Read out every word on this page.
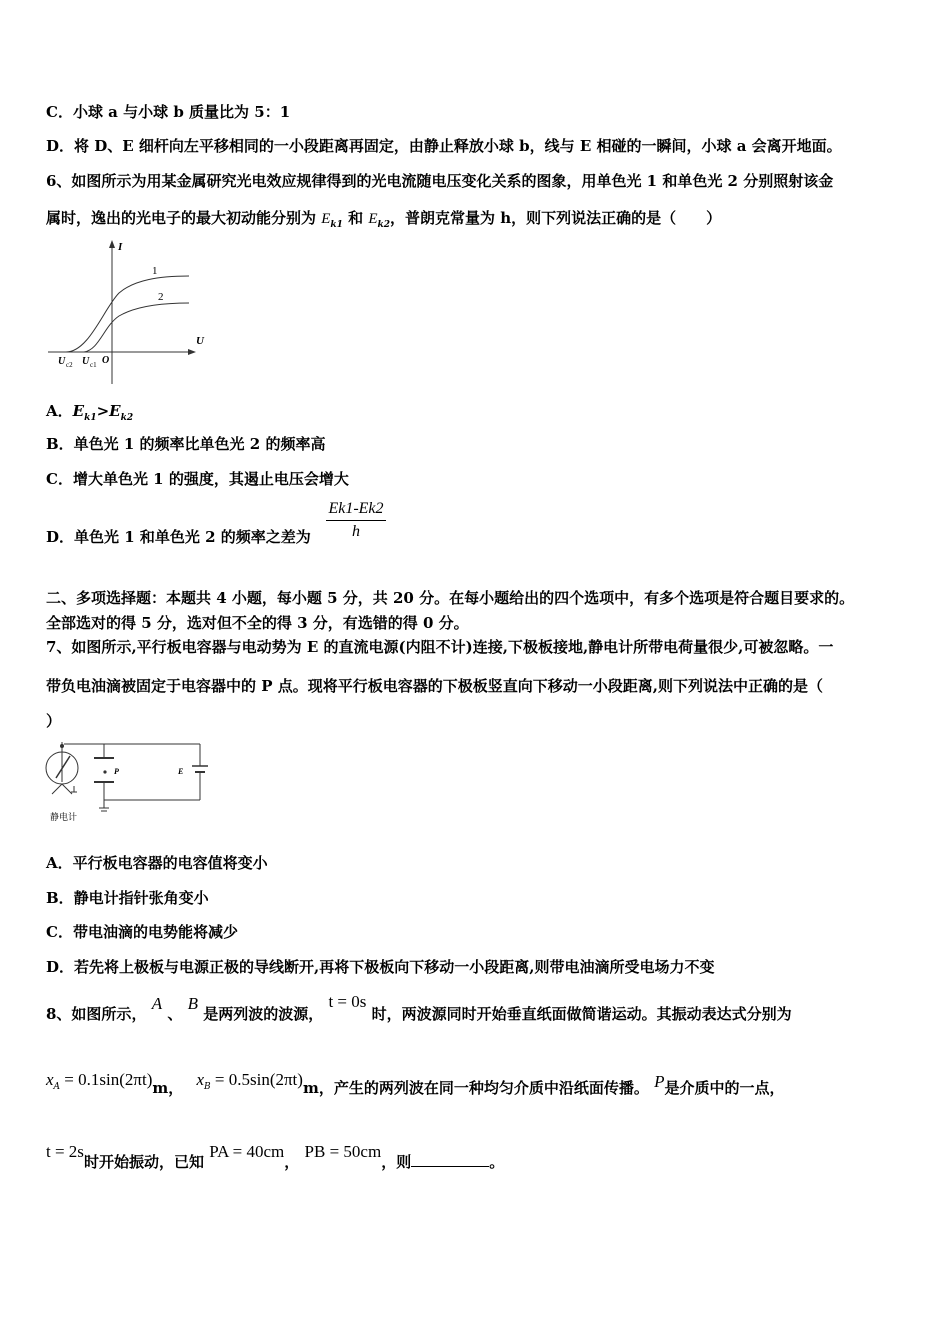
C．小球 a 与小球 b 质量比为 5：1
D．将 D、E 细杆向左平移相同的一小段距离再固定，由静止释放小球 b，线与 E 相碰的一瞬间，小球 a 会离开地面。
6、如图所示为用某金属研究光电效应规律得到的光电流随电压变化关系的图象，用单色光 1 和单色光 2 分别照射该金
属时，逸出的光电子的最大初动能分别为 $E_{k1}$ 和 $E_{k2}$，普朗克常量为 h，则下列说法正确的是（　　）
I
U
1
2
U c2 U c1 O
A．$E_{k1}>E_{k2}$
B．单色光 1 的频率比单色光 2 的频率高
C．增大单色光 1 的强度，其遏止电压会增大
D．单色光 1 和单色光 2 的频率之差为 $\frac{Ek1-Ek2}{h}$
二、多项选择题：本题共 4 小题，每小题 5 分，共 20 分。在每小题给出的四个选项中，有多个选项是符合题目要求的。
全部选对的得 5 分，选对但不全的得 3 分，有选错的得 0 分。
7、如图所示,平行板电容器与电动势为 E 的直流电源(内阻不计)连接,下极板接地,静电计所带电荷量很少,可被忽略。一
带负电油滴被固定于电容器中的 P 点。现将平行板电容器的下极板竖直向下移动一小段距离,则下列说法中正确的是（
）
P	E
静电计
A．平行板电容器的电容值将变小
B．静电计指针张角变小
C．带电油滴的电势能将减少
D．若先将上极板与电源正极的导线断开,再将下极板向下移动一小段距离,则带电油滴所受电场力不变
8、如图所示， A 、 B 是两列波的波源， t = 0s 时，两波源同时开始垂直纸面做简谐运动。其振动表达式分别为
$x_A = 0.1\sin(2\pi t)m$， $x_B = 0.5\sin(2\pi t)m$，产生的两列波在同一种均匀介质中沿纸面传播。 P是介质中的一点，
t = 2s时开始振动，已知 PA = 40cm， PB = 50cm，则	。
